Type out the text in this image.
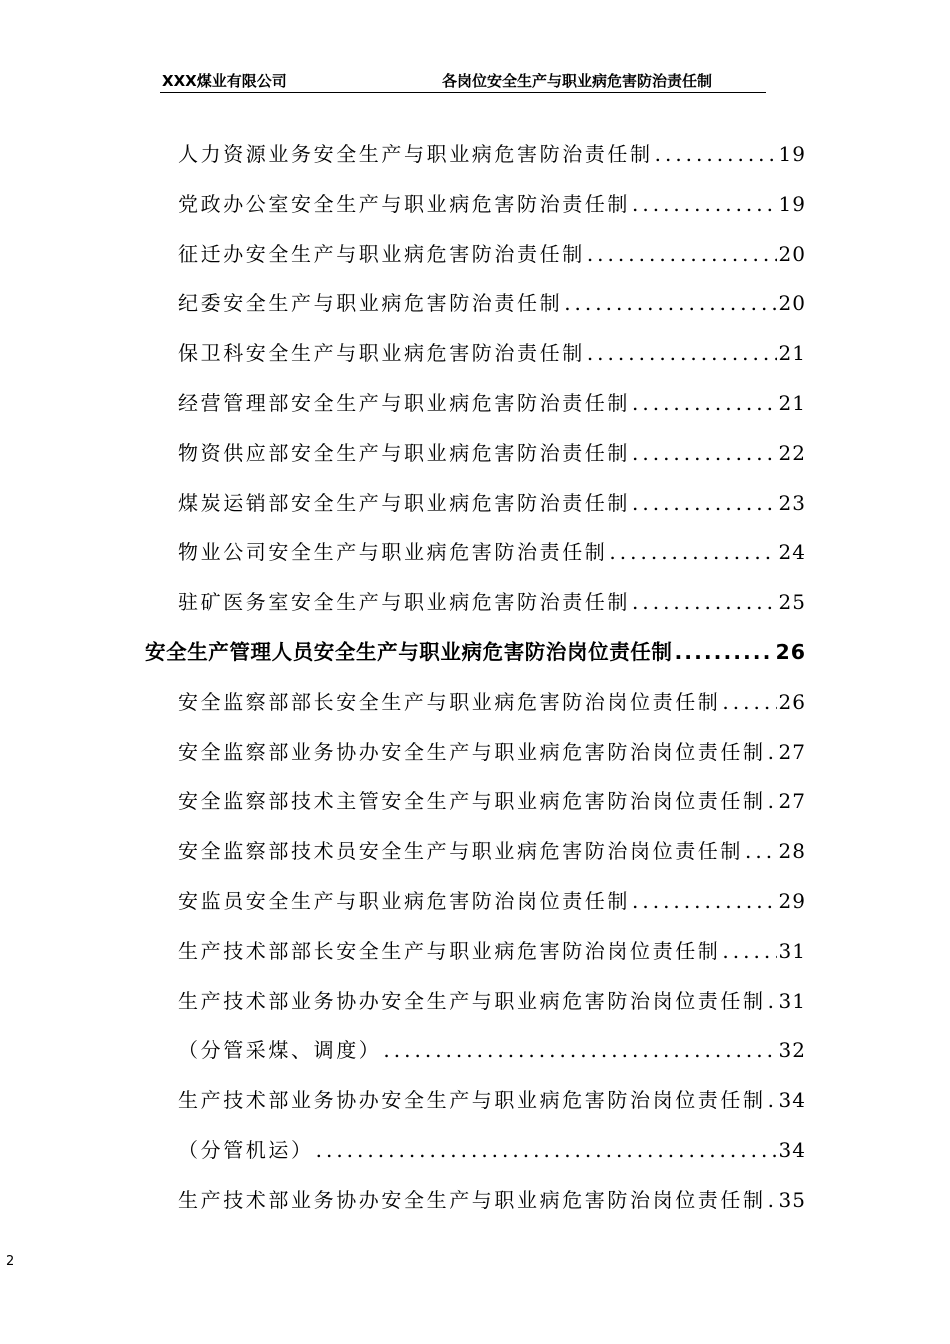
XXX煤业有限公司	各岗位安全生产与职业病危害防治责任制
人力资源业务安全生产与职业病危害防治责任制 .....	19
党政办公室安全生产与职业病危害防治责任制 .....	19
征迁办安全生产与职业病危害防治责任制 .....	20
纪委安全生产与职业病危害防治责任制 .....	20
保卫科安全生产与职业病危害防治责任制 .....	21
经营管理部安全生产与职业病危害防治责任制 .....	21
物资供应部安全生产与职业病危害防治责任制 .....	22
煤炭运销部安全生产与职业病危害防治责任制 .....	23
物业公司安全生产与职业病危害防治责任制 .....	24
驻矿医务室安全生产与职业病危害防治责任制 .....	25
安全生产管理人员安全生产与职业病危害防治岗位责任制 .....	26
安全监察部部长安全生产与职业病危害防治岗位责任制 .....	26
安全监察部业务协办安全生产与职业病危害防治岗位责任制 ..... 27
安全监察部技术主管安全生产与职业病危害防治岗位责任制 ..... 27
安全监察部技术员安全生产与职业病危害防治岗位责任制 ..... 28
安监员安全生产与职业病危害防治岗位责任制 .....	29
生产技术部部长安全生产与职业病危害防治岗位责任制 .....	31
生产技术部业务协办安全生产与职业病危害防治岗位责任制 ..... 31
（分管采煤、调度） .....	32
生产技术部业务协办安全生产与职业病危害防治岗位责任制 ..... 34
（分管机运） .....	34
生产技术部业务协办安全生产与职业病危害防治岗位责任制 ..... 35
2
